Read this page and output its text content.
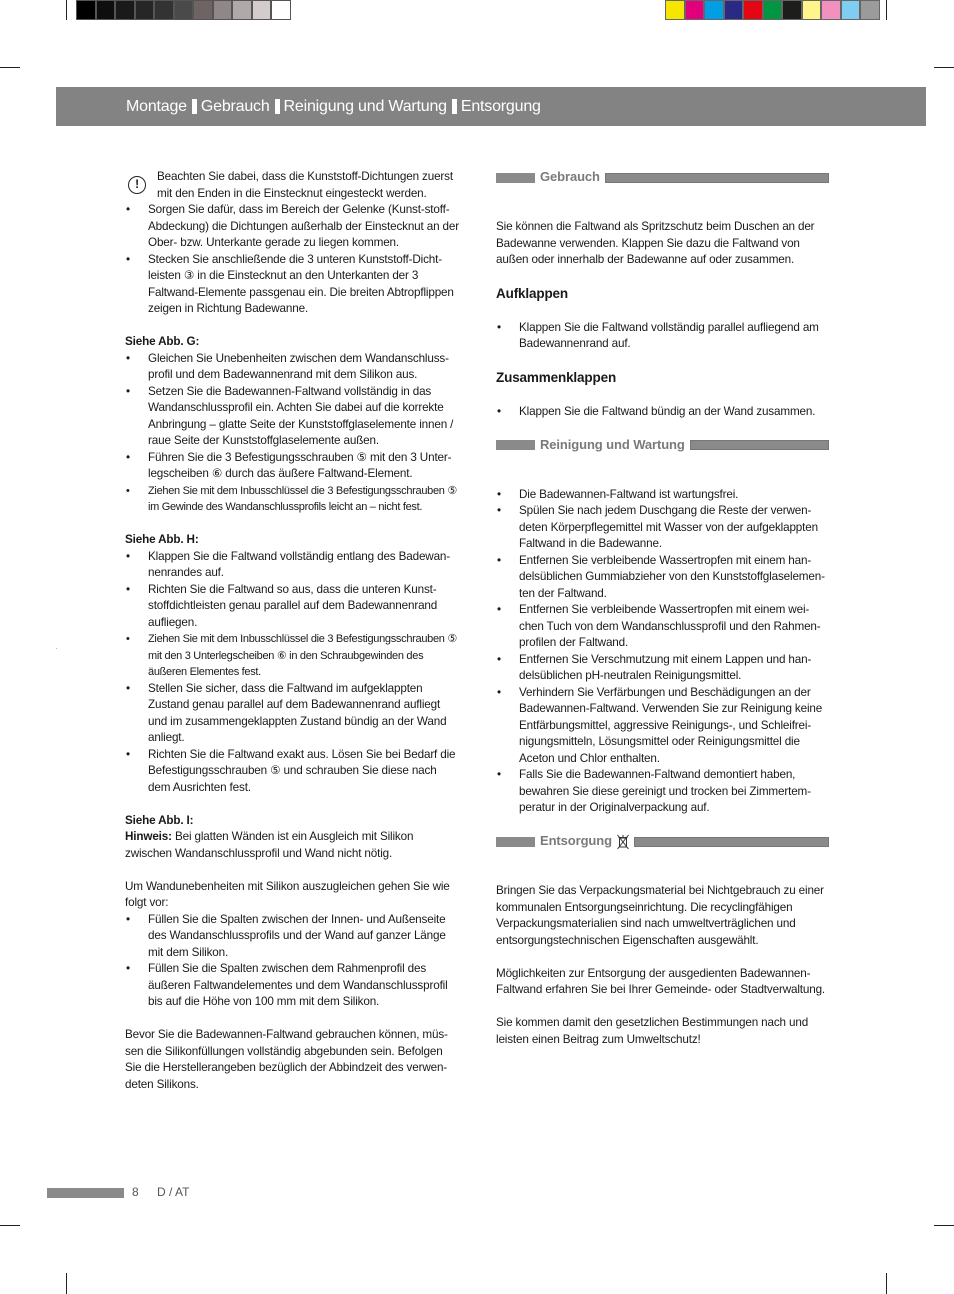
Montage Gebrauch Reinigung und Wartung Entsorgung
·
!
Beachten Sie dabei, dass die Kunststoff-Dichtungen zuerst mit den Enden in die Einstecknut eingesteckt werden.
• Sorgen Sie dafür, dass im Bereich der Gelenke (Kunst-stoff-Abdeckung) die Dichtungen außerhalb der Einstecknut an der Ober- bzw. Unterkante gerade zu liegen kommen.
• Stecken Sie anschließende die 3 unteren Kunststoff-Dicht-leisten ③ in die Einstecknut an den Unterkanten der 3 Faltwand-Elemente passgenau ein. Die breiten Abtropflippen zeigen in Richtung Badewanne.
Siehe Abb. G:
• Gleichen Sie Unebenheiten zwischen dem Wandanschluss-profil und dem Badewannenrand mit dem Silikon aus.
• Setzen Sie die Badewannen-Faltwand vollständig in das Wandanschlussprofil ein. Achten Sie dabei auf die korrekte Anbringung – glatte Seite der Kunststoffglaselemente innen / raue Seite der Kunststoffglaselemente außen.
• Führen Sie die 3 Befestigungsschrauben ⑤ mit den 3 Unter-legscheiben ⑥ durch das äußere Faltwand-Element.
• Ziehen Sie mit dem Inbusschlüssel die 3 Befestigungsschrauben ⑤ im Gewinde des Wandanschlussprofils leicht an – nicht fest.
Siehe Abb. H:
• Klappen Sie die Faltwand vollständig entlang des Badewan-nenrandes auf.
• Richten Sie die Faltwand so aus, dass die unteren Kunst-stoffdichtleisten genau parallel auf dem Badewannenrand aufliegen.
• Ziehen Sie mit dem Inbusschlüssel die 3 Befestigungsschrauben ⑤ mit den 3 Unterlegscheiben ⑥ in den Schraubgewinden des äußeren Elementes fest.
• Stellen Sie sicher, dass die Faltwand im aufgeklappten Zustand genau parallel auf dem Badewannenrand aufliegt und im zusammengeklappten Zustand bündig an der Wand anliegt.
• Richten Sie die Faltwand exakt aus. Lösen Sie bei Bedarf die Befestigungsschrauben ⑤ und schrauben Sie diese nach dem Ausrichten fest.
Siehe Abb. I:
Hinweis: Bei glatten Wänden ist ein Ausgleich mit Silikon zwischen Wandanschlussprofil und Wand nicht nötig.
Um Wandunebenheiten mit Silikon auszugleichen gehen Sie wie folgt vor:
• Füllen Sie die Spalten zwischen der Innen- und Außenseite des Wandanschlussprofils und der Wand auf ganzer Länge mit dem Silikon.
• Füllen Sie die Spalten zwischen dem Rahmenprofil des äußeren Faltwandelementes und dem Wandanschlussprofil bis auf die Höhe von 100 mm mit dem Silikon.
Bevor Sie die Badewannen-Faltwand gebrauchen können, müs-sen die Silikonfüllungen vollständig abgebunden sein. Befolgen Sie die Herstellerangeben bezüglich der Abbindzeit des verwen-deten Silikons.
Gebrauch
Sie können die Faltwand als Spritzschutz beim Duschen an der Badewanne verwenden. Klappen Sie dazu die Faltwand von außen oder innerhalb der Badewanne auf oder zusammen.
Aufklappen
• Klappen Sie die Faltwand vollständig parallel aufliegend am Badewannenrand auf.
Zusammenklappen
• Klappen Sie die Faltwand bündig an der Wand zusammen.
Reinigung und Wartung
• Die Badewannen-Faltwand ist wartungsfrei.
• Spülen Sie nach jedem Duschgang die Reste der verwen-deten Körperpflegemittel mit Wasser von der aufgeklappten Faltwand in die Badewanne.
• Entfernen Sie verbleibende Wassertropfen mit einem han-delsüblichen Gummiabzieher von den Kunststoffglaselemen-ten der Faltwand.
• Entfernen Sie verbleibende Wassertropfen mit einem wei-chen Tuch von dem Wandanschlussprofil und den Rahmen-profilen der Faltwand.
• Entfernen Sie Verschmutzung mit einem Lappen und han-delsüblichen pH-neutralen Reinigungsmittel.
• Verhindern Sie Verfärbungen und Beschädigungen an der Badewannen-Faltwand. Verwenden Sie zur Reinigung keine Entfärbungsmittel, aggressive Reinigungs-, und Schleifrei-nigungsmitteln, Lösungsmittel oder Reinigungsmittel die Aceton und Chlor enthalten.
• Falls Sie die Badewannen-Faltwand demontiert haben, bewahren Sie diese gereinigt und trocken bei Zimmertem-peratur in der Originalverpackung auf.
Entsorgung
Bringen Sie das Verpackungsmaterial bei Nichtgebrauch zu einer kommunalen Entsorgungseinrichtung. Die recyclingfähigen Verpackungsmaterialien sind nach umweltverträglichen und entsorgungstechnischen Eigenschaften ausgewählt.
Möglichkeiten zur Entsorgung der ausgedienten Badewannen-Faltwand erfahren Sie bei Ihrer Gemeinde- oder Stadtverwaltung.
Sie kommen damit den gesetzlichen Bestimmungen nach und leisten einen Beitrag zum Umweltschutz!
8 D / AT
